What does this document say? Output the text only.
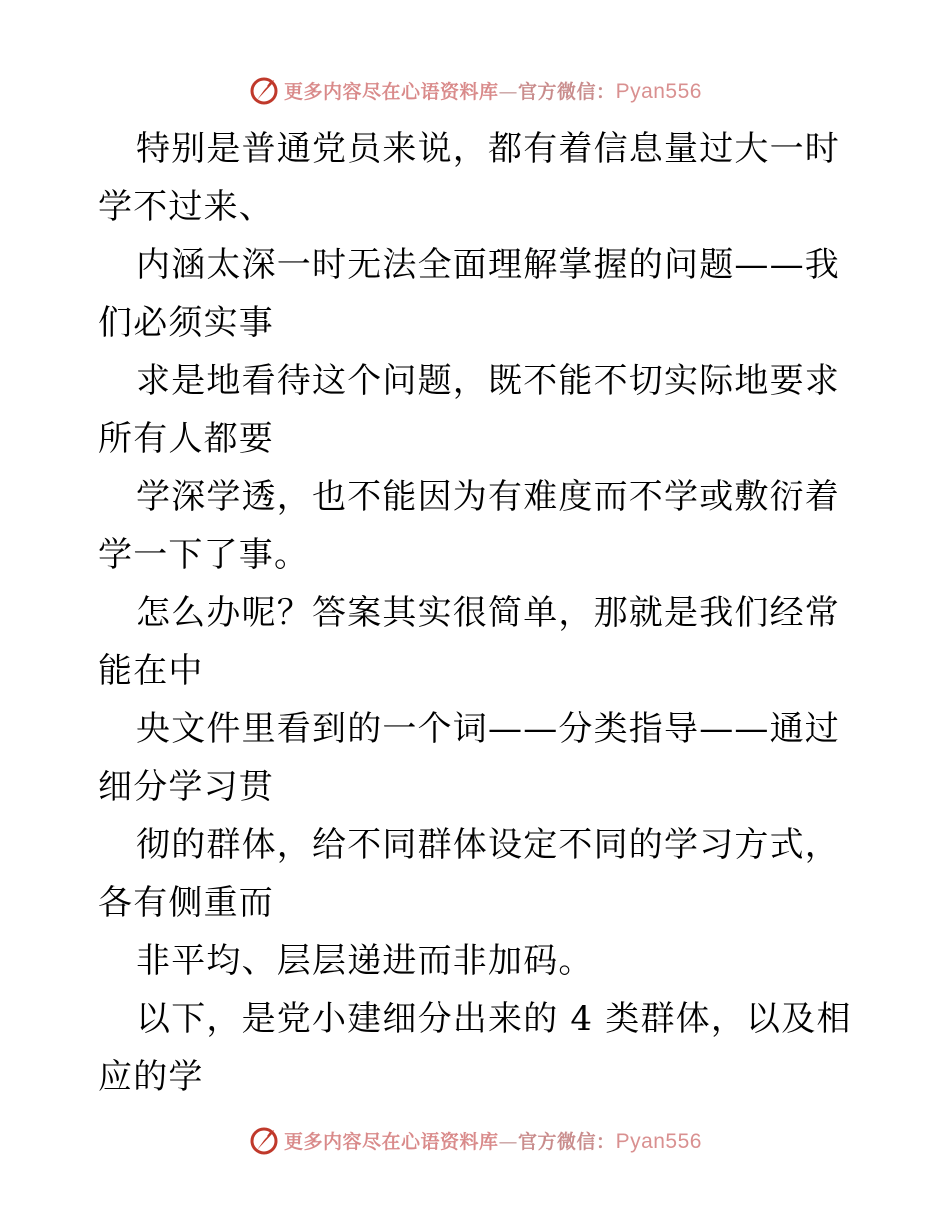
更多内容尽在心语资料库—官方微信：Pyan556

特别是普通党员来说，都有着信息量过大一时学不过来、

内涵太深一时无法全面理解掌握的问题——我们必须实事

求是地看待这个问题，既不能不切实际地要求所有人都要

学深学透，也不能因为有难度而不学或敷衍着学一下了事。

怎么办呢？答案其实很简单，那就是我们经常能在中

央文件里看到的一个词——分类指导——通过细分学习贯

彻的群体，给不同群体设定不同的学习方式，各有侧重而

非平均、层层递进而非加码。

以下，是党小建细分出来的 4 类群体，以及相应的学

更多内容尽在心语资料库—官方微信：Pyan556
